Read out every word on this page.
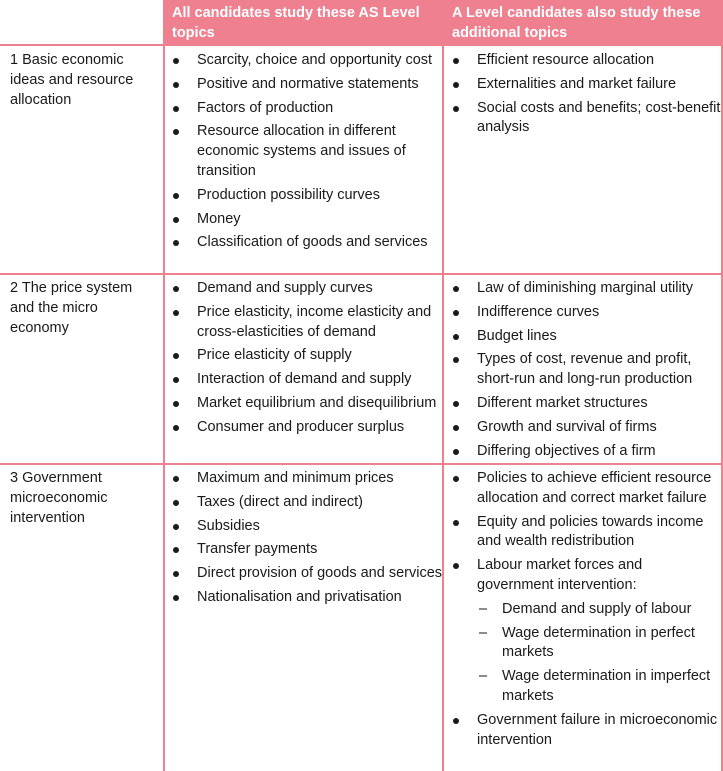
All candidates study these AS Level topics
A Level candidates also study these additional topics
1 Basic economic ideas and resource allocation
Scarcity, choice and opportunity cost
Positive and normative statements
Factors of production
Resource allocation in different economic systems and issues of transition
Production possibility curves
Money
Classification of goods and services
Efficient resource allocation
Externalities and market failure
Social costs and benefits; cost-benefit analysis
2 The price system and the micro economy
Demand and supply curves
Price elasticity, income elasticity and cross-elasticities of demand
Price elasticity of supply
Interaction of demand and supply
Market equilibrium and disequilibrium
Consumer and producer surplus
Law of diminishing marginal utility
Indifference curves
Budget lines
Types of cost, revenue and profit, short-run and long-run production
Different market structures
Growth and survival of firms
Differing objectives of a firm
3 Government microeconomic intervention
Maximum and minimum prices
Taxes (direct and indirect)
Subsidies
Transfer payments
Direct provision of goods and services
Nationalisation and privatisation
Policies to achieve efficient resource allocation and correct market failure
Equity and policies towards income and wealth redistribution
Labour market forces and government intervention:
– Demand and supply of labour
– Wage determination in perfect markets
– Wage determination in imperfect markets
Government failure in microeconomic intervention
